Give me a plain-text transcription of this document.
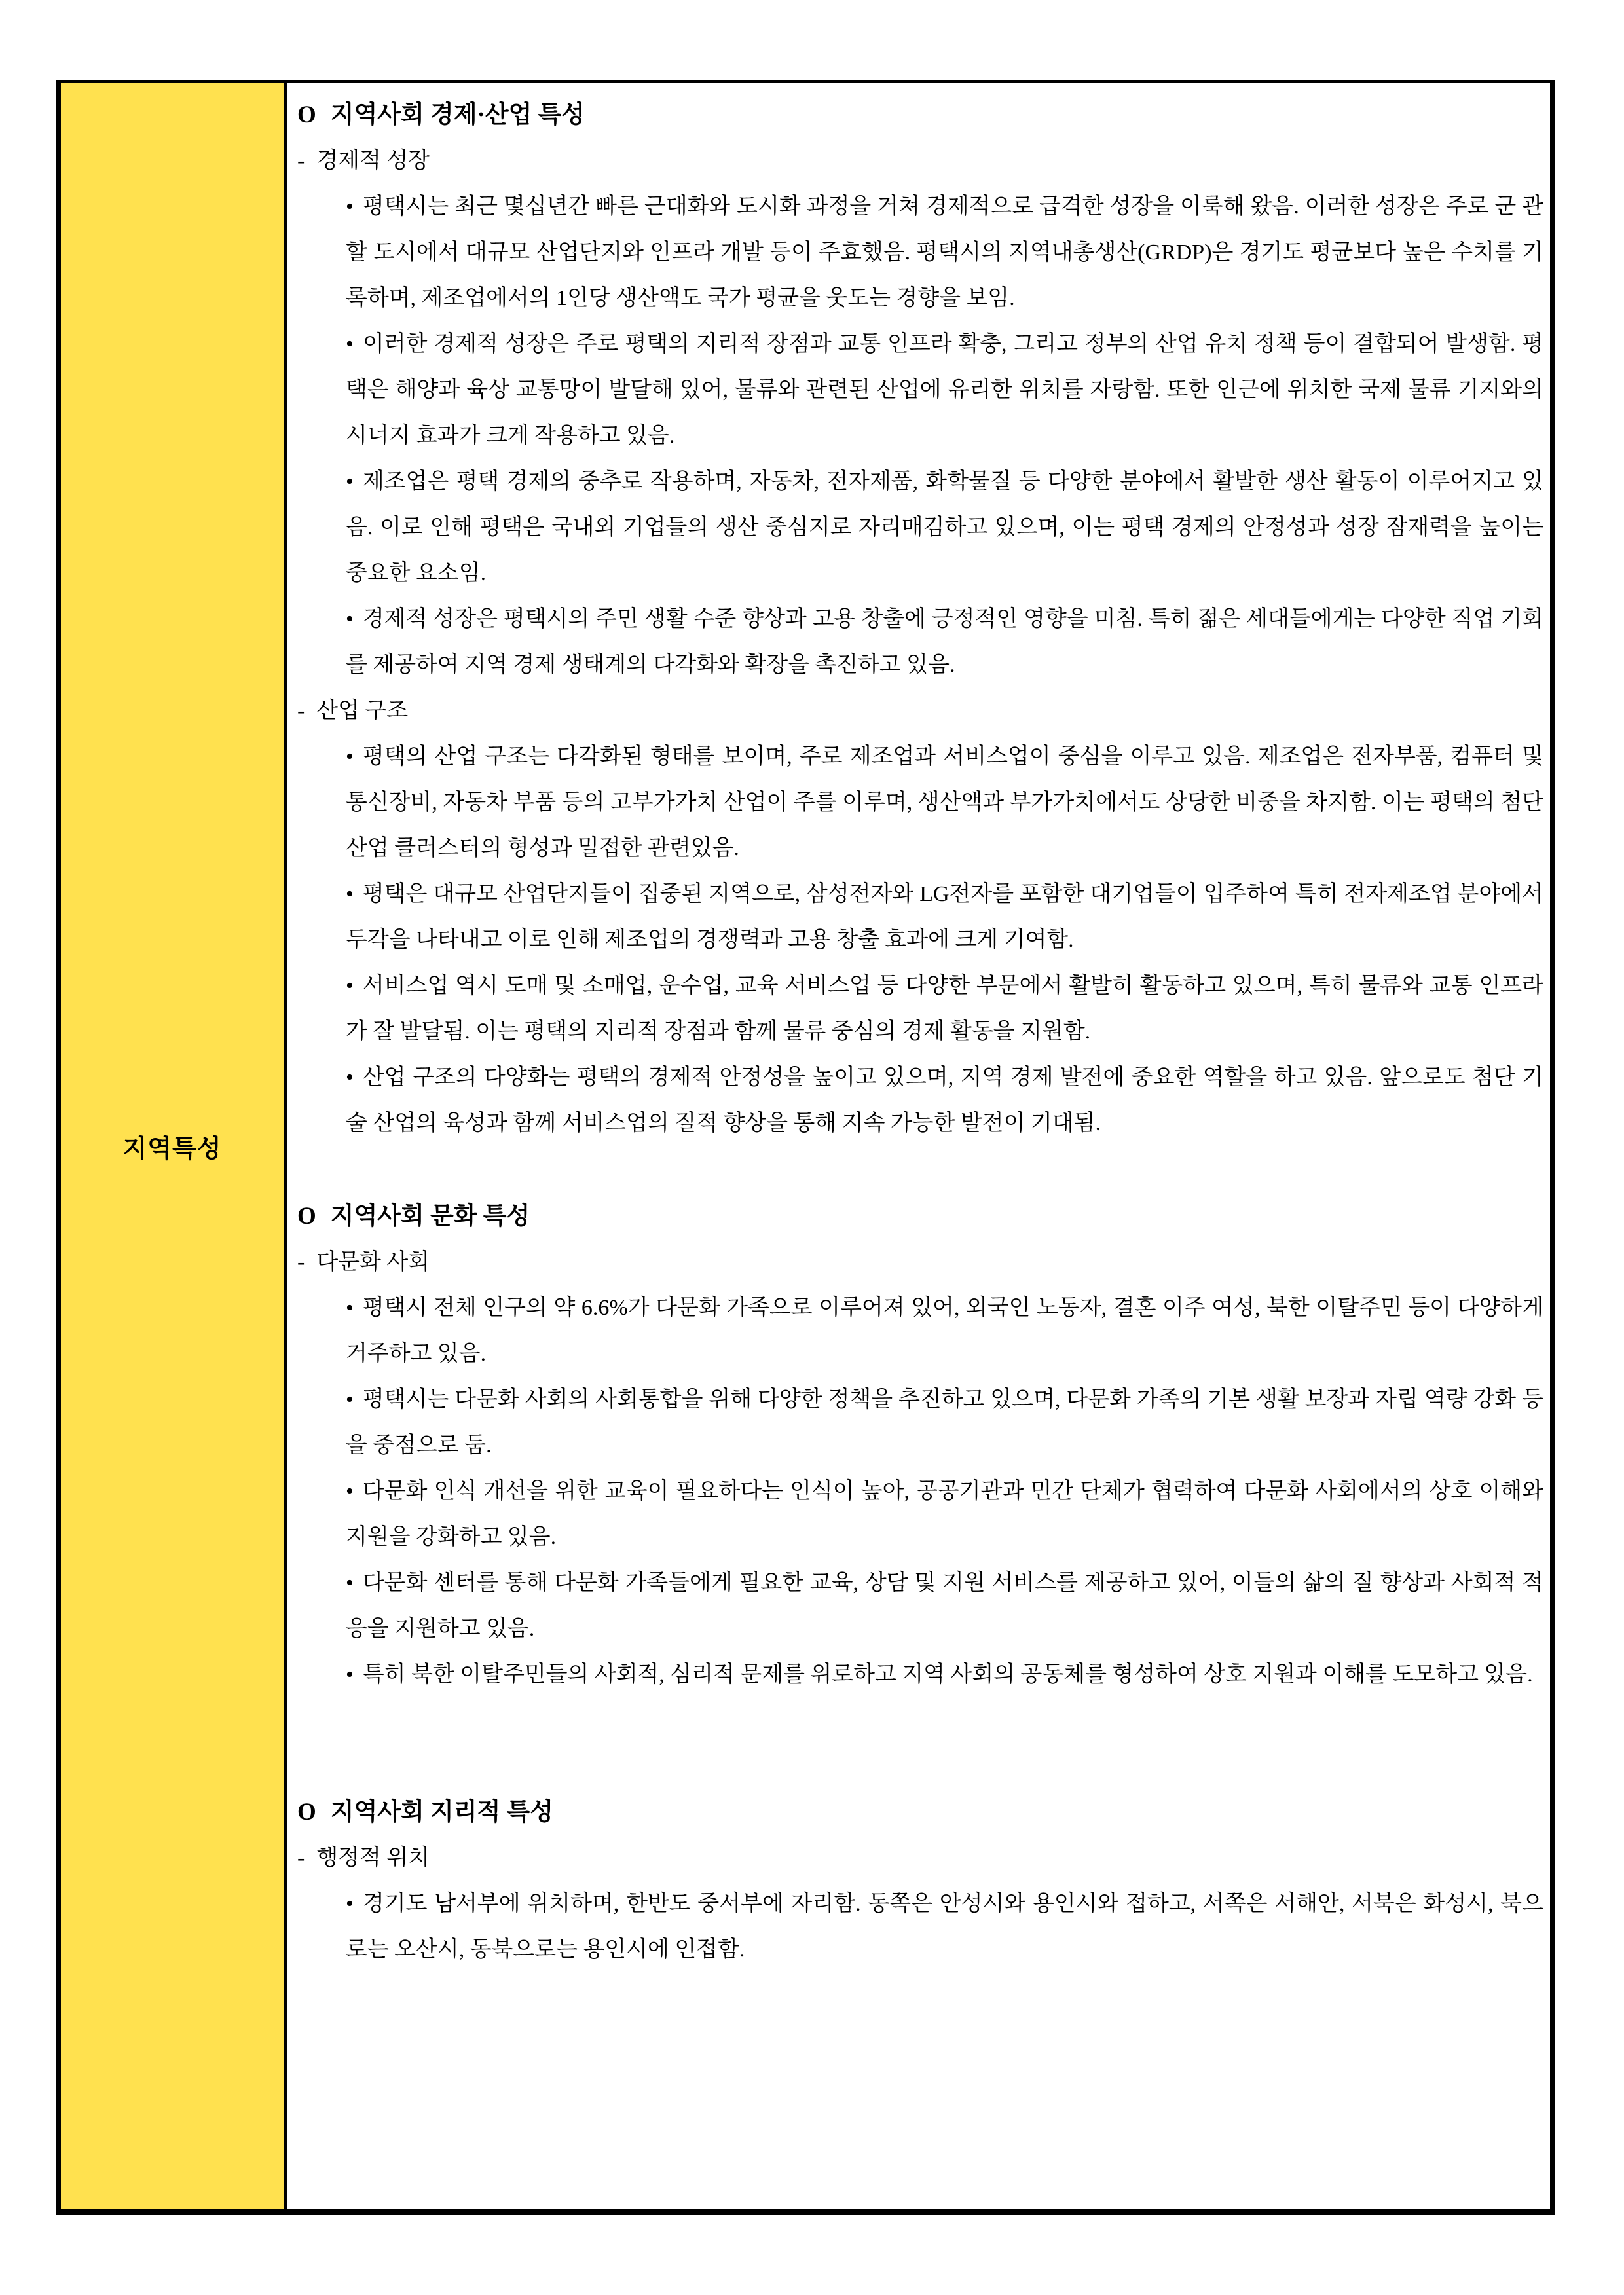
지역특성
O 지역사회 경제·산업 특성
- 경제적 성장

• 평택시는 최근 몇십년간 빠른 근대화와 도시화 과정을 거쳐 경제적으로 급격한 성장을 이룩해 왔음. 이러한 성장은 주로 군 관할 도시에서 대규모 산업단지와 인프라 개발 등이 주효했음. 평택시의 지역내총생산(GRDP)은 경기도 평균보다 높은 수치를 기록하며, 제조업에서의 1인당 생산액도 국가 평균을 웃도는 경향을 보임.

• 이러한 경제적 성장은 주로 평택의 지리적 장점과 교통 인프라 확충, 그리고 정부의 산업 유치 정책 등이 결합되어 발생함. 평택은 해양과 육상 교통망이 발달해 있어, 물류와 관련된 산업에 유리한 위치를 자랑함. 또한 인근에 위치한 국제 물류 기지와의 시너지 효과가 크게 작용하고 있음.

• 제조업은 평택 경제의 중추로 작용하며, 자동차, 전자제품, 화학물질 등 다양한 분야에서 활발한 생산 활동이 이루어지고 있음. 이로 인해 평택은 국내외 기업들의 생산 중심지로 자리매김하고 있으며, 이는 평택 경제의 안정성과 성장 잠재력을 높이는 중요한 요소임.

• 경제적 성장은 평택시의 주민 생활 수준 향상과 고용 창출에 긍정적인 영향을 미침. 특히 젊은 세대들에게는 다양한 직업 기회를 제공하여 지역 경제 생태계의 다각화와 확장을 촉진하고 있음.

- 산업 구조

• 평택의 산업 구조는 다각화된 형태를 보이며, 주로 제조업과 서비스업이 중심을 이루고 있음. 제조업은 전자부품, 컴퓨터 및 통신장비, 자동차 부품 등의 고부가가치 산업이 주를 이루며, 생산액과 부가가치에서도 상당한 비중을 차지함. 이는 평택의 첨단산업 클러스터의 형성과 밀접한 관련있음.

• 평택은 대규모 산업단지들이 집중된 지역으로, 삼성전자와 LG전자를 포함한 대기업들이 입주하여 특히 전자제조업 분야에서 두각을 나타내고 이로 인해 제조업의 경쟁력과 고용 창출 효과에 크게 기여함.

• 서비스업 역시 도매 및 소매업, 운수업, 교육 서비스업 등 다양한 부문에서 활발히 활동하고 있으며, 특히 물류와 교통 인프라가 잘 발달됨. 이는 평택의 지리적 장점과 함께 물류 중심의 경제 활동을 지원함.

• 산업 구조의 다양화는 평택의 경제적 안정성을 높이고 있으며, 지역 경제 발전에 중요한 역할을 하고 있음. 앞으로도 첨단 기술 산업의 육성과 함께 서비스업의 질적 향상을 통해 지속 가능한 발전이 기대됨.

O 지역사회 문화 특성
- 다문화 사회

• 평택시 전체 인구의 약 6.6%가 다문화 가족으로 이루어져 있어, 외국인 노동자, 결혼 이주 여성, 북한 이탈주민 등이 다양하게 거주하고 있음.

• 평택시는 다문화 사회의 사회통합을 위해 다양한 정책을 추진하고 있으며, 다문화 가족의 기본 생활 보장과 자립 역량 강화 등을 중점으로 둠.

• 다문화 인식 개선을 위한 교육이 필요하다는 인식이 높아, 공공기관과 민간 단체가 협력하여 다문화 사회에서의 상호 이해와 지원을 강화하고 있음.

• 다문화 센터를 통해 다문화 가족들에게 필요한 교육, 상담 및 지원 서비스를 제공하고 있어, 이들의 삶의 질 향상과 사회적 적응을 지원하고 있음.

• 특히 북한 이탈주민들의 사회적, 심리적 문제를 위로하고 지역 사회의 공동체를 형성하여 상호 지원과 이해를 도모하고 있음.

O 지역사회 지리적 특성
- 행정적 위치

• 경기도 남서부에 위치하며, 한반도 중서부에 자리함. 동쪽은 안성시와 용인시와 접하고, 서쪽은 서해안, 서북은 화성시, 북으로는 오산시, 동북으로는 용인시에 인접함.
